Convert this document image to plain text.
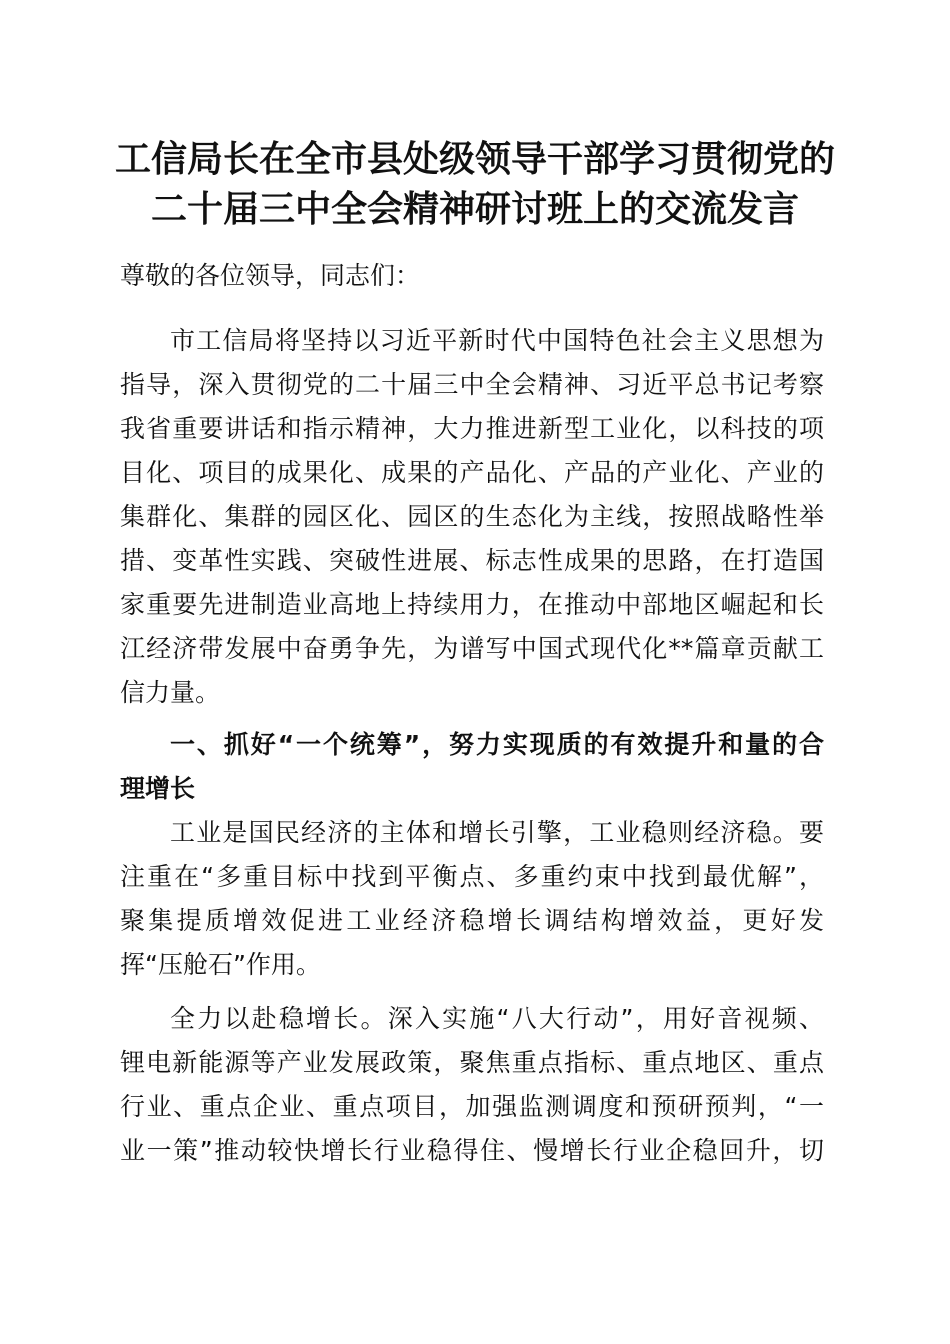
工信局长在全市县处级领导干部学习贯彻党的
二十届三中全会精神研讨班上的交流发言
尊敬的各位领导，同志们：
市工信局将坚持以习近平新时代中国特色社会主义思想为
指导，深入贯彻党的二十届三中全会精神、习近平总书记考察
我省重要讲话和指示精神，大力推进新型工业化，以科技的项
目化、项目的成果化、成果的产品化、产品的产业化、产业的
集群化、集群的园区化、园区的生态化为主线，按照战略性举
措、变革性实践、突破性进展、标志性成果的思路，在打造国
家重要先进制造业高地上持续用力，在推动中部地区崛起和长
江经济带发展中奋勇争先，为谱写中国式现代化**篇章贡献工
信力量。
一、抓好“一个统筹”，努力实现质的有效提升和量的合
理增长
工业是国民经济的主体和增长引擎，工业稳则经济稳。要
注重在“多重目标中找到平衡点、多重约束中找到最优解”，
聚集提质增效促进工业经济稳增长调结构增效益，更好发
挥“压舱石”作用。
全力以赴稳增长。深入实施“八大行动”，用好音视频、
锂电新能源等产业发展政策，聚焦重点指标、重点地区、重点
行业、重点企业、重点项目，加强监测调度和预研预判，“一
业一策”推动较快增长行业稳得住、慢增长行业企稳回升，切
